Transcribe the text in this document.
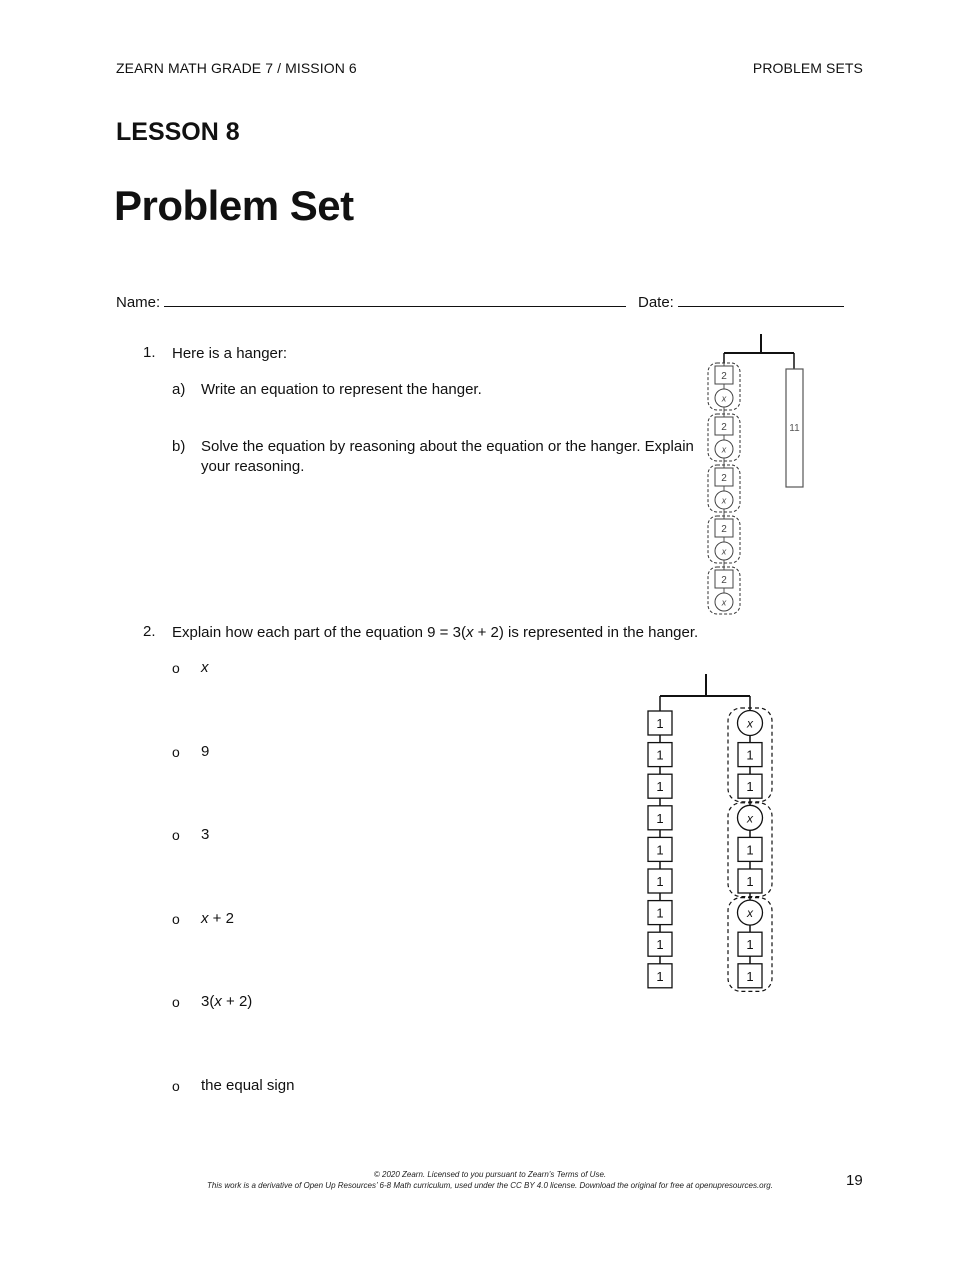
ZEARN MATH GRADE 7 / MISSION 6	PROBLEM SETS
LESSON 8
Problem Set
Name:	Date:
1. Here is a hanger:
a) Write an equation to represent the hanger.
b) Solve the equation by reasoning about the equation or the hanger. Explain your reasoning.
2
x
2
x
2
x
2
x
2
x
11
2. Explain how each part of the equation 9 = 3(x + 2) is represented in the hanger.
o x
o 9
o 3
o x + 2
o 3(x + 2)
o the equal sign
1
1
1
1
1
1
1
1
1
x
1
1
x
1
1
x
1
1
© 2020 Zearn. Licensed to you pursuant to Zearn’s Terms of Use.
This work is a derivative of Open Up Resources’ 6-8 Math curriculum, used under the CC BY 4.0 license. Download the original for free at openupresources.org.	19
